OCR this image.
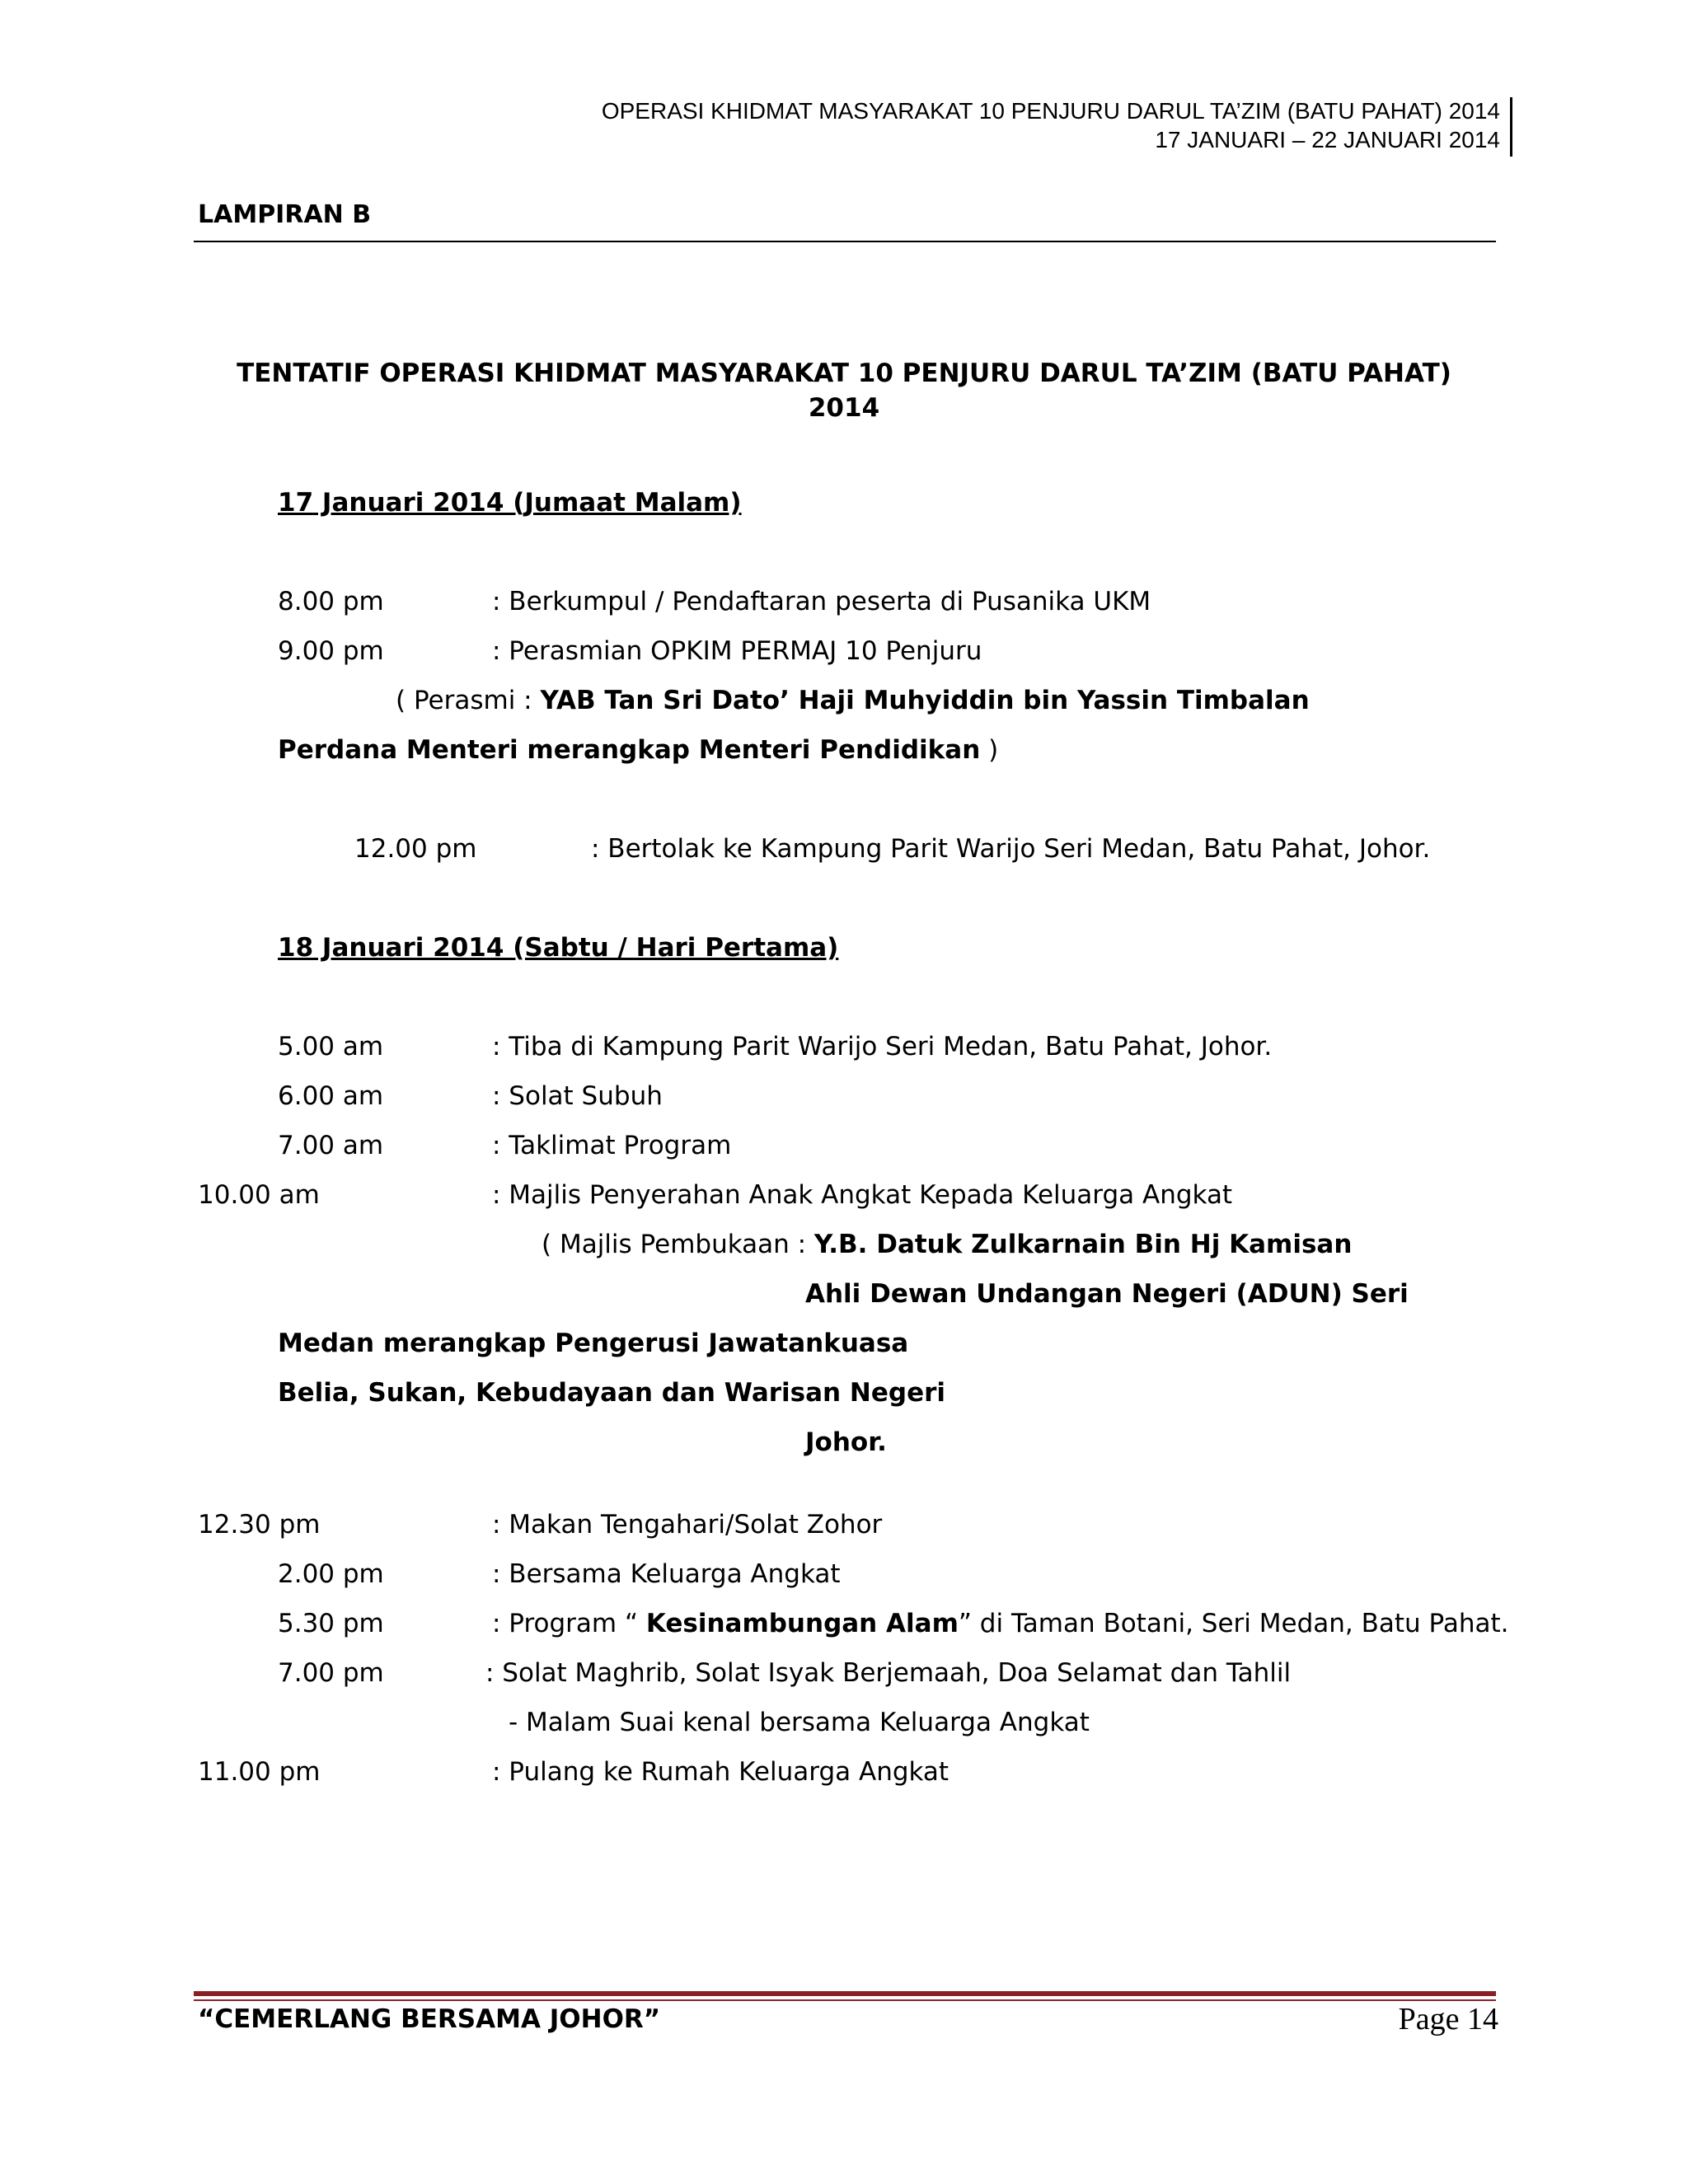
OPERASI KHIDMAT MASYARAKAT 10 PENJURU DARUL TA’ZIM (BATU PAHAT) 2014
17 JANUARI – 22 JANUARI 2014
LAMPIRAN B
TENTATIF OPERASI KHIDMAT MASYARAKAT 10 PENJURU DARUL TA’ZIM (BATU PAHAT)
2014
17 Januari 2014 (Jumaat Malam)
8.00 pm	: Berkumpul / Pendaftaran peserta di Pusanika UKM
9.00 pm	: Perasmian OPKIM PERMAJ 10 Penjuru
( Perasmi : YAB Tan Sri Dato’ Haji Muhyiddin bin Yassin Timbalan
Perdana Menteri merangkap Menteri Pendidikan )
12.00 pm	: Bertolak ke Kampung Parit Warijo Seri Medan, Batu Pahat, Johor.
18 Januari 2014 (Sabtu / Hari Pertama)
5.00 am	: Tiba di Kampung Parit Warijo Seri Medan, Batu Pahat, Johor.
6.00 am	: Solat Subuh
7.00 am	: Taklimat Program
10.00 am	: Majlis Penyerahan Anak Angkat Kepada Keluarga Angkat
( Majlis Pembukaan : Y.B. Datuk Zulkarnain Bin Hj Kamisan
Ahli Dewan Undangan Negeri (ADUN) Seri
Medan merangkap Pengerusi Jawatankuasa
Belia, Sukan, Kebudayaan dan Warisan Negeri
Johor.
12.30 pm	: Makan Tengahari/Solat Zohor
2.00 pm	: Bersama Keluarga Angkat
5.30 pm	: Program “ Kesinambungan Alam” di Taman Botani, Seri Medan, Batu Pahat.
7.00 pm	: Solat Maghrib, Solat Isyak Berjemaah, Doa Selamat dan Tahlil
- Malam Suai kenal bersama Keluarga Angkat
11.00 pm	: Pulang ke Rumah Keluarga Angkat
“CEMERLANG BERSAMA JOHOR”	Page 14
